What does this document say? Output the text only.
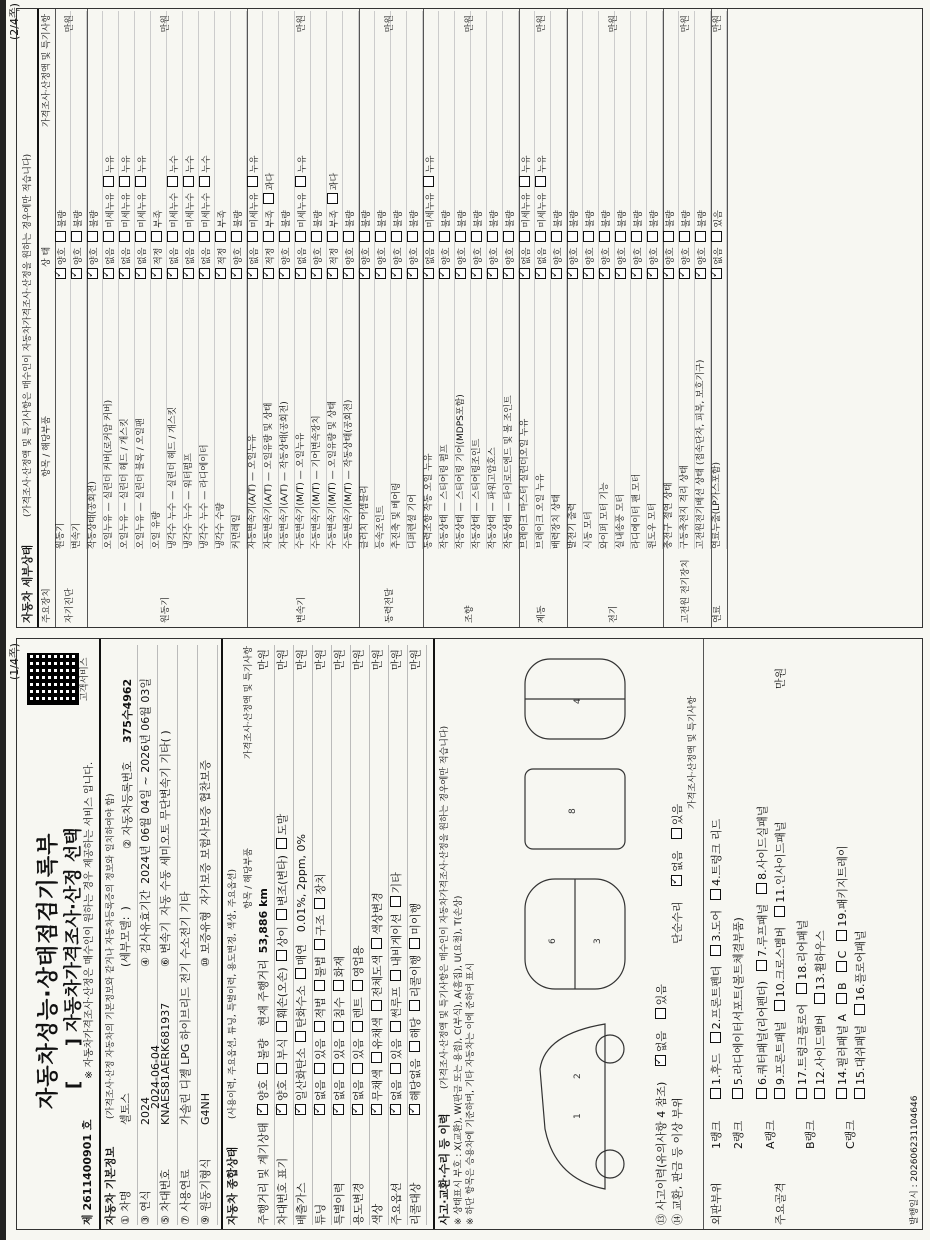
(1/4쪽)
(2/4쪽)
자동차성능·상태점검기록부 [  ] 자동차가격조사·산정 선택
제 2611400901 호
※ 자동차가격조사·산정은 매수인이 원하는 경우 제공하는 서비스 입니다.
고객서비스
자동차 기본정보
(가격조사·산정 자동차의 기본정보와 같거나 자동차등록증의 정보와 일치하여야 함)
① 차명셀토스(세부모델:)
③ 연식2024④ 검사유효기간2024년 06월 04일 ~ 2026년 06월 03일
⑤ 차대번호KNAES81AERK681937⑥ 변속기자동 수동 세미오토 무단변속기 기타( )
⑦ 사용연료가솔린 디젤 LPG 하이브리드 전기 수소전기 기타
⑨ 원동기형식G4NH⑩ 보증유형자가보증 보험사보증 협찬보증
② 자동차등록번호
375수4962
2024-06-04
자동차 종합상태
(사용이력, 주요옵션, 튜닝, 특별이력, 용도변경, 색상, 주요옵션) 항목 / 해당부품
가격조사·산정액 및 특기사항
주행거리 및 계기상태✓양호불량현재 주행거리53,886 km
만원
차대번호 표기✓양호부식훼손(오손)상이변조(변타)도말
만원
배출가스✓일산화탄소탄화수소매연0.01%, 2ppm, 0%
만원
튜닝✓없음있음적법불법구조장치
만원
특별이력✓없음있음침수화재
만원
용도변경✓없음있음렌트영업용
만원
색상✓무채색유채색전체도색색상변경
만원
주요옵션✓없음있음썬루프내비게이션기타
만원
리콜대상✓해당없음해당리콜이행미이행
만원
사고·교환·수리 등 이력
(가격조사·산정액 및 특기사항은 매수인이 자동차가격조사·산정을 원하는 경우에만 적습니다) ※ 상태표시 부호 : X(교환), W(판금 또는 용접), C(부식), A(흠집), U(요철), T(손상) ※ 하단 항목은 승용차에 기준하며, 기타 자동차는 이에 준하여 표시	1
2
6	3
8
4
⑬ 사고이력(유의사항 4 참조) ✓없음 있음
⑭ 교환, 판금 등 이상 부위 단순수리 ✓없음 있음
가격조사·산정액 및 특기사항
외판부위
1랭크
1.후드2.프론트펜더3.도어4.트렁크 리드
2랭크
5.라디에이터서포트(볼트체결부품)
주요골격
A랭크
6.쿼터패널(리어펜더)7.루프패널8.사이드실패널
9.프론트패널10.크로스멤버11.인사이드패널
B랭크
17.트렁크플로어18.리어패널
12.사이드멤버13.휠하우스
C랭크
14.필러패널 ABC19.패키지트레이
15.대쉬패널16.플로어패널
만원
발행일시 : 202606231104646
자동차 세부상태
(가격조사·산정액 및 특기사항은 매수인이 자동차가격조사·산정을 원하는 경우에만 적습니다)
주요장치
항목 / 해당부품
상 태
가격조사·산정액 및 특기사항
자기진단
원동기✓양호불량
변속기✓양호불량
만원
원동기
작동상태(공회전)✓양호불량
오일누유 — 실린더 커버(로커암 커버)✓없음미세누유누유
오일누유 — 실린더 헤드 / 개스킷✓없음미세누유누유
오일누유 — 실린더 블록 / 오일팬✓없음미세누유누유
오일 유량✓적정부족
냉각수 누수 — 실린더 헤드 / 개스킷✓없음미세누수누수
냉각수 누수 — 워터펌프✓없음미세누수누수
냉각수 누수 — 라디에이터✓없음미세누수누수
냉각수 수량✓적정부족
커먼레일✓양호불량
만원
변속기
자동변속기(A/T) — 오일누유✓없음미세누유누유
자동변속기(A/T) — 오일유량 및 상태✓적정부족과다
자동변속기(A/T) — 작동상태(공회전)✓양호불량
수동변속기(M/T) — 오일누유✓없음미세누유누유
수동변속기(M/T) — 기어변속장치✓양호불량
수동변속기(M/T) — 오일유량 및 상태✓적정부족과다
수동변속기(M/T) — 작동상태(공회전)✓양호불량
만원
동력전달
클러치 어셈블리✓양호불량
등속조인트✓양호불량
추진축 및 베어링✓양호불량
디퍼렌셜 기어✓양호불량
만원
조향
동력조향 작동 오일 누유✓없음미세누유누유
작동상태 — 스티어링 펌프✓양호불량
작동상태 — 스티어링 기어(MDPS포함)✓양호불량
작동상태 — 스티어링조인트✓양호불량
작동상태 — 파워고압호스✓양호불량
작동상태 — 타이로드엔드 및 볼 조인트✓양호불량
만원
제동
브레이크 마스터 실린더오일 누유✓없음미세누유누유
브레이크 오일 누유✓없음미세누유누유
배력장치 상태✓양호불량
만원
전기
발전기 출력✓양호불량
시동 모터✓양호불량
와이퍼 모터 기능✓양호불량
실내송풍 모터✓양호불량
라디에이터 팬 모터✓양호불량
윈도우 모터✓양호불량
만원
고전원 전기장치
충전구 절연 상태✓양호불량
구동축전지 격리 상태✓양호불량
고전원전기배선 상태 (접속단자, 피복, 보호기구)✓양호불량
만원
연료
연료누출(LP가스포함)✓없음있음
만원
